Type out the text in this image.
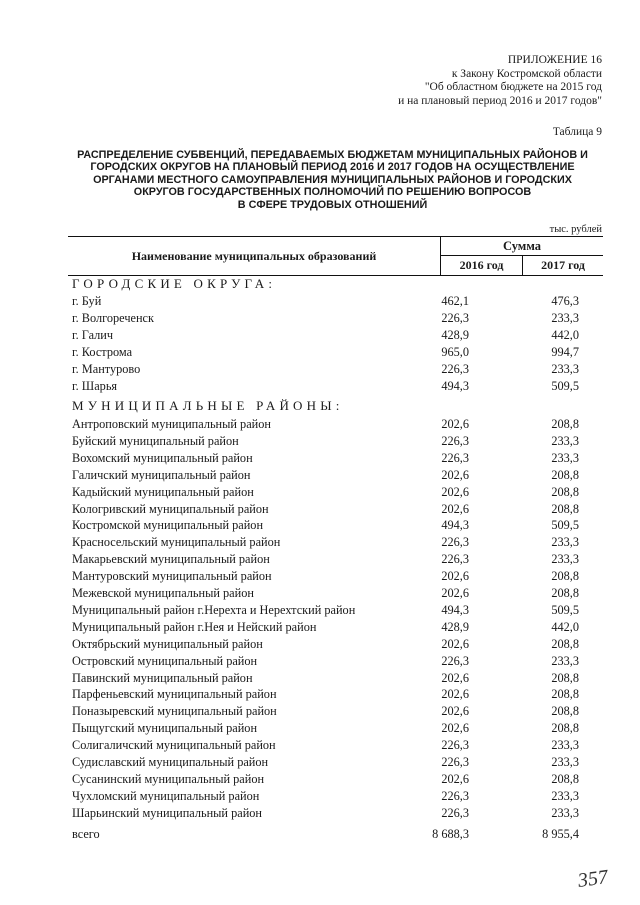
ПРИЛОЖЕНИЕ 16
к Закону Костромской области
"Об областном бюджете на 2015 год
и на плановый период 2016 и 2017 годов"
Таблица 9
РАСПРЕДЕЛЕНИЕ СУБВЕНЦИЙ, ПЕРЕДАВАЕМЫХ БЮДЖЕТАМ МУНИЦИПАЛЬНЫХ РАЙОНОВ И
ГОРОДСКИХ ОКРУГОВ НА ПЛАНОВЫЙ ПЕРИОД 2016 И 2017 ГОДОВ НА ОСУЩЕСТВЛЕНИЕ
ОРГАНАМИ МЕСТНОГО САМОУПРАВЛЕНИЯ МУНИЦИПАЛЬНЫХ РАЙОНОВ И ГОРОДСКИХ
ОКРУГОВ ГОСУДАРСТВЕННЫХ ПОЛНОМОЧИЙ ПО РЕШЕНИЮ ВОПРОСОВ
В СФЕРЕ ТРУДОВЫХ ОТНОШЕНИЙ
тыс. рублей
Наименование муниципальных образований
Сумма
2016 год	2017 год
ГОРОДСКИЕ ОКРУГА:
г. Буй	462,1	476,3
г. Волгореченск	226,3	233,3
г. Галич	428,9	442,0
г. Кострома	965,0	994,7
г. Мантурово	226,3	233,3
г. Шарья	494,3	509,5
МУНИЦИПАЛЬНЫЕ РАЙОНЫ:
Антроповский муниципальный район	202,6	208,8
Буйский муниципальный район	226,3	233,3
Вохомский муниципальный район	226,3	233,3
Галичский муниципальный район	202,6	208,8
Кадыйский муниципальный район	202,6	208,8
Кологривский муниципальный район	202,6	208,8
Костромской муниципальный район	494,3	509,5
Красносельский муниципальный район	226,3	233,3
Макарьевский муниципальный район	226,3	233,3
Мантуровский муниципальный район	202,6	208,8
Межевской муниципальный район	202,6	208,8
Муниципальный район г.Нерехта и Нерехтский район	494,3	509,5
Муниципальный район г.Нея и Нейский район	428,9	442,0
Октябрьский муниципальный район	202,6	208,8
Островский муниципальный район	226,3	233,3
Павинский муниципальный район	202,6	208,8
Парфеньевский муниципальный район	202,6	208,8
Поназыревский муниципальный район	202,6	208,8
Пыщугский муниципальный район	202,6	208,8
Солигаличский муниципальный район	226,3	233,3
Судиславский муниципальный район	226,3	233,3
Сусанинский муниципальный район	202,6	208,8
Чухломский муниципальный район	226,3	233,3
Шарьинский муниципальный район	226,3	233,3
всего	8 688,3	8 955,4
357
